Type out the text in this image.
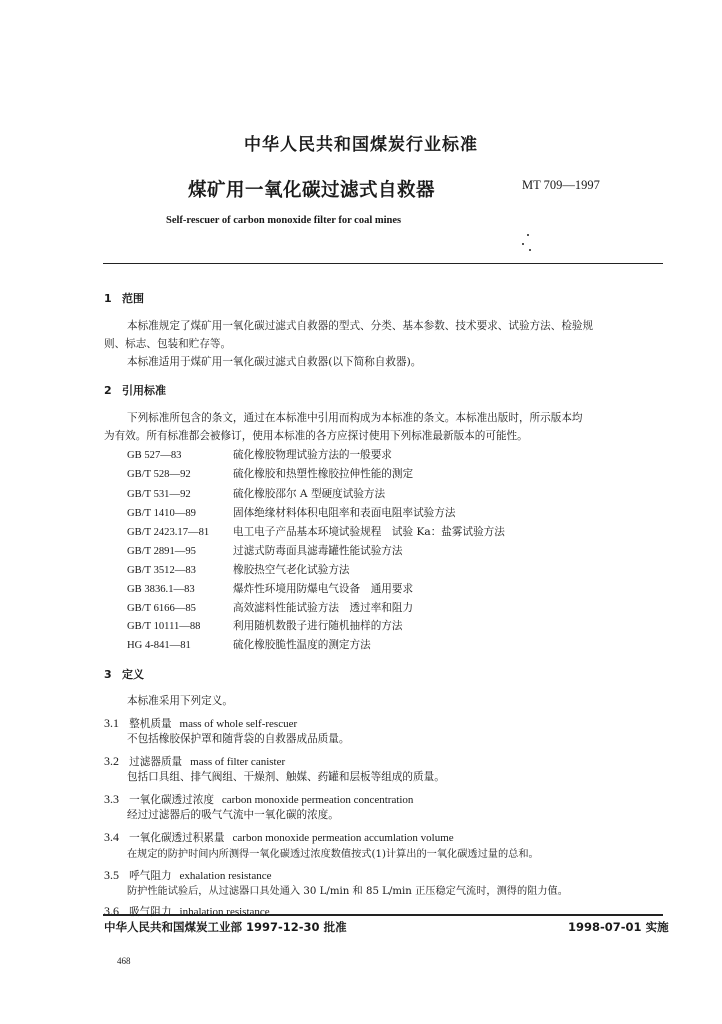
中华人民共和国煤炭行业标准
煤矿用一氧化碳过滤式自救器	MT 709—1997
Self-rescuer of carbon monoxide filter for coal mines
1 范围
本标准规定了煤矿用一氧化碳过滤式自救器的型式、分类、基本参数、技术要求、试验方法、检验规
则、标志、包装和贮存等。
本标准适用于煤矿用一氧化碳过滤式自救器(以下简称自救器)。
2 引用标准
下列标准所包含的条文，通过在本标准中引用而构成为本标准的条文。本标准出版时，所示版本均
为有效。所有标准都会被修订，使用本标准的各方应探讨使用下列标准最新版本的可能性。
GB 527—83	硫化橡胶物理试验方法的一般要求
GB/T 528—92	硫化橡胶和热塑性橡胶拉伸性能的测定
GB/T 531—92	硫化橡胶邵尔 A 型硬度试验方法
GB/T 1410—89	固体绝缘材料体积电阻率和表面电阻率试验方法
GB/T 2423.17—81 电工电子产品基本环境试验规程　试验 Ka：盐雾试验方法
GB/T 2891—95	过滤式防毒面具滤毒罐性能试验方法
GB/T 3512—83	橡胶热空气老化试验方法
GB 3836.1—83	爆炸性环境用防爆电气设备　通用要求
GB/T 6166—85	高效滤料性能试验方法　透过率和阻力
GB/T 10111—88	利用随机数骰子进行随机抽样的方法
HG 4-841—81	硫化橡胶脆性温度的测定方法
3 定义
本标准采用下列定义。
3.1 整机质量 mass of whole self-rescuer
不包括橡胶保护罩和随背袋的自救器成品质量。
3.2 过滤器质量 mass of filter canister
包括口具组、排气阀组、干燥剂、触媒、药罐和层板等组成的质量。
3.3 一氧化碳透过浓度 carbon monoxide permeation concentration
经过过滤器后的吸气气流中一氧化碳的浓度。
3.4 一氧化碳透过积累量 carbon monoxide permeation accumlation volume
在规定的防护时间内所测得一氧化碳透过浓度数值按式(1)计算出的一氧化碳透过量的总和。
3.5 呼气阻力 exhalation resistance
防护性能试验后，从过滤器口具处通入 30 L/min 和 85 L/min 正压稳定气流时，测得的阻力值。
3.6 吸气阻力 inhalation resistance
中华人民共和国煤炭工业部 1997-12-30 批准	1998-07-01 实施
468
